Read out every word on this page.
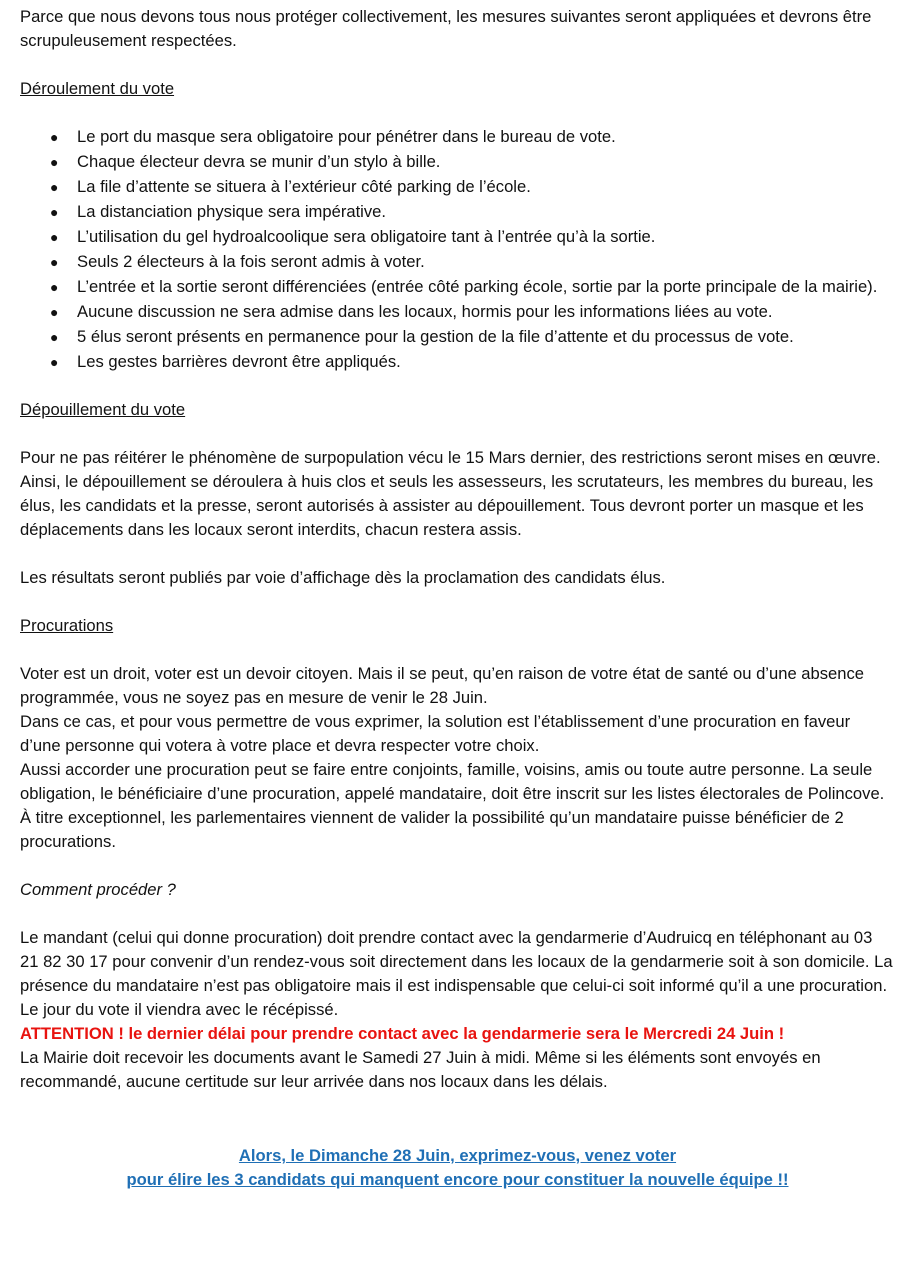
Parce que nous devons tous nous protéger collectivement, les mesures suivantes seront appliquées et devrons être scrupuleusement respectées.

Déroulement du vote

● Le port du masque sera obligatoire pour pénétrer dans le bureau de vote.
● Chaque électeur devra se munir d’un stylo à bille.
● La file d’attente se situera à l’extérieur côté parking de l’école.
● La distanciation physique sera impérative.
● L’utilisation du gel hydroalcoolique sera obligatoire tant à l’entrée qu’à la sortie.
● Seuls 2 électeurs à la fois seront admis à voter.
● L’entrée et la sortie seront différenciées (entrée côté parking école, sortie par la porte principale de la mairie).
● Aucune discussion ne sera admise dans les locaux, hormis pour les informations liées au vote.
● 5 élus seront présents en permanence pour la gestion de la file d’attente et du processus de vote.
● Les gestes barrières devront être appliqués.

Dépouillement du vote

Pour ne pas réitérer le phénomène de surpopulation vécu le 15 Mars dernier, des restrictions seront mises en œuvre. Ainsi, le dépouillement se déroulera à huis clos et seuls les assesseurs, les scrutateurs, les membres du bureau, les élus, les candidats et la presse, seront autorisés à assister au dépouillement. Tous devront porter un masque et les déplacements dans les locaux seront interdits, chacun restera assis.

Les résultats seront publiés par voie d’affichage dès la proclamation des candidats élus.

Procurations

Voter est un droit, voter est un devoir citoyen. Mais il se peut, qu’en raison de votre état de santé ou d’une absence programmée, vous ne soyez pas en mesure de venir le 28 Juin.

Dans ce cas, et pour vous permettre de vous exprimer, la solution est l’établissement d’une procuration en faveur d’une personne qui votera à votre place et devra respecter votre choix.

Aussi accorder une procuration peut se faire entre conjoints, famille, voisins, amis ou toute autre personne. La seule obligation, le bénéficiaire d’une procuration, appelé mandataire, doit être inscrit sur les listes électorales de Polincove.

À titre exceptionnel, les parlementaires viennent de valider la possibilité qu’un mandataire puisse bénéficier de 2 procurations.

Comment procéder ?

Le mandant (celui qui donne procuration) doit prendre contact avec la gendarmerie d’Audruicq en téléphonant au 03 21 82 30 17 pour convenir d’un rendez-vous soit directement dans les locaux de la gendarmerie soit à son domicile. La présence du mandataire n’est pas obligatoire mais il est indispensable que celui-ci soit informé qu’il a une procuration. Le jour du vote il viendra avec le récépissé.

ATTENTION ! le dernier délai pour prendre contact avec la gendarmerie sera le Mercredi 24 Juin !

La Mairie doit recevoir les documents avant le Samedi 27 Juin à midi. Même si les éléments sont envoyés en recommandé, aucune certitude sur leur arrivée dans nos locaux dans les délais.

Alors, le Dimanche 28 Juin, exprimez-vous, venez voter

pour élire les 3 candidats qui manquent encore pour constituer la nouvelle équipe !!
